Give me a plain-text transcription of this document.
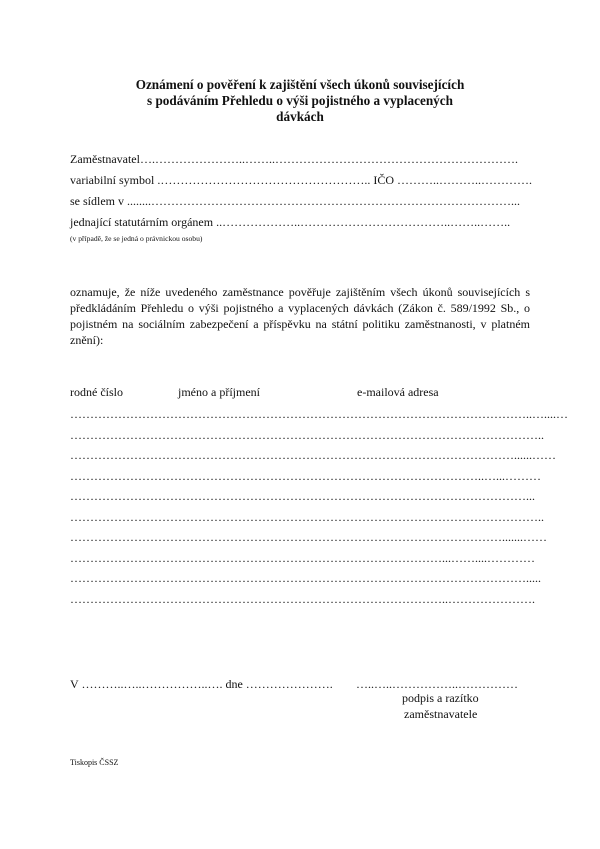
Oznámení o pověření k zajištění všech úkonů souvisejících
s podáváním Přehledu o výši pojistného a vyplacených
dávkách
Zaměstnavatel….…………………..……..…………………………………………………….
variabilní symbol .…………………………………………….. IČO ………..………..………….
se sídlem v ........………………………………………………………………………………...
jednající statutárním orgánem ..………………..………………………………..……..……..
(v případě, že se jedná o právnickou osobu)
oznamuje, že níže uvedeného zaměstnance pověřuje zajištěním všech úkonů souvisejících s předkládáním Přehledu o výši pojistného a vyplacených dávkách (Zákon č. 589/1992 Sb., o pojistném na sociálním zabezpečení a příspěvku na státní politiku zaměstnanosti, v platném znění):
rodné číslo	jméno a příjmení	e-mailová adresa
……………………………………………………………………………………………………..…....…
………………………………………………………………………………………………………..
…………………………………………………………………………………………………......……
…………………………………………………………………………………………..…...………
……………………………………………………………………………………………………...
………………………………………………………………………………………………………..
……………………………………………………………………………………………….......……
…………………………………………………………………………………...……....…………
…………………………………………………………………………………………………….....
…………………………………………………………………………………..………………….
V ………..…..……………..…. dne …………………. …..…..……………..……………
podpis a razítko
zaměstnavatele
Tiskopis ČSSZ
